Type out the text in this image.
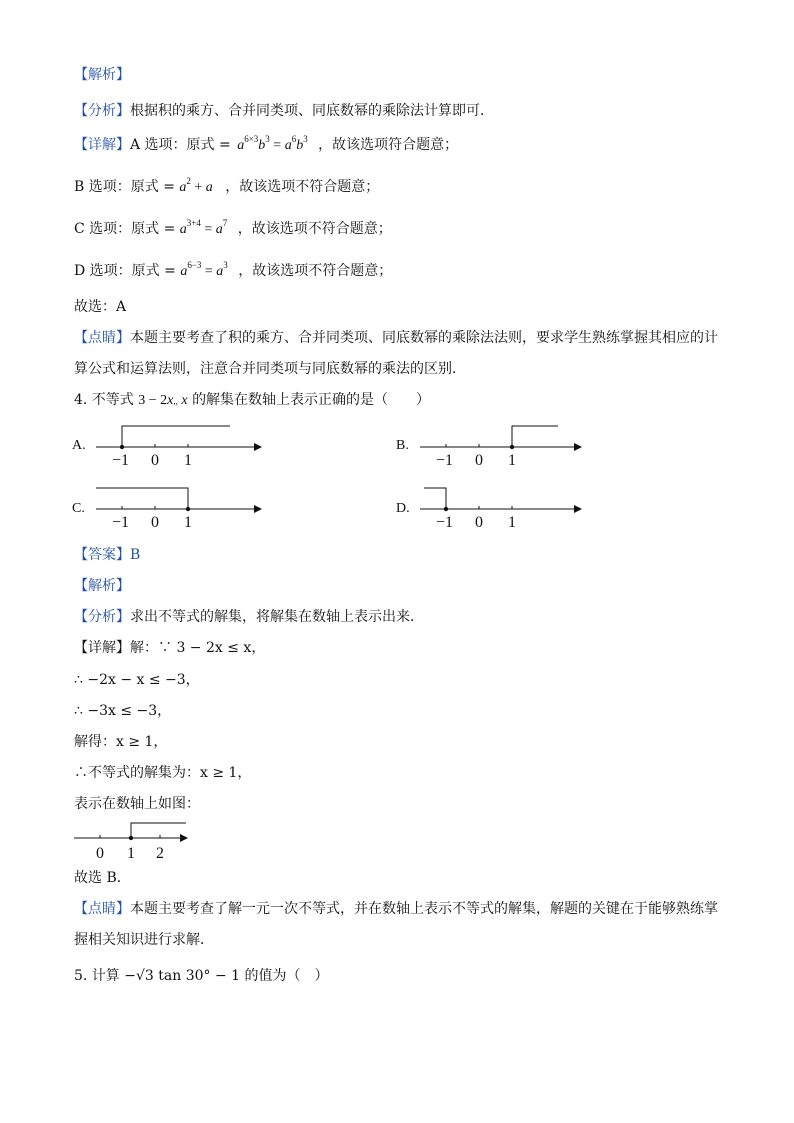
【解析】
【分析】根据积的乘方、合并同类项、同底数幂的乘除法计算即可．
【详解】A 选项：原式 = $a^{6\times 3}b^3 = a^6b^3$ ，故该选项符合题意；
B 选项：原式 = $a^2 + a$ ，故该选项不符合题意；
C 选项：原式 = $a^{3+4} = a^7$ ，故该选项不符合题意；
D 选项：原式 = $a^{6-3} = a^3$ ，故该选项不符合题意；
故选：A
【点睛】本题主要考查了积的乘方、合并同类项、同底数幂的乘除法法则，要求学生熟练掌握其相应的计
算公式和运算法则，注意合并同类项与同底数幂的乘法的区别．
4. 不等式 3 − 2x,, x 的解集在数轴上表示正确的是（　　）
A.	B.
C.	D.
−1 0 1	−1 0 1
−1 0 1	−1 0 1
【答案】B
【解析】
【分析】求出不等式的解集，将解集在数轴上表示出来．
【详解】解：∵ 3 − 2x ≤ x，
∴ −2x − x ≤ −3，
∴ −3x ≤ −3，
解得：x ≥ 1，
∴不等式的解集为：x ≥ 1，
表示在数轴上如图：
0 1 2
故选 B．
【点睛】本题主要考查了解一元一次不等式，并在数轴上表示不等式的解集，解题的关键在于能够熟练掌
握相关知识进行求解．
5. 计算 −√3 tan 30° − 1 的值为（　）
